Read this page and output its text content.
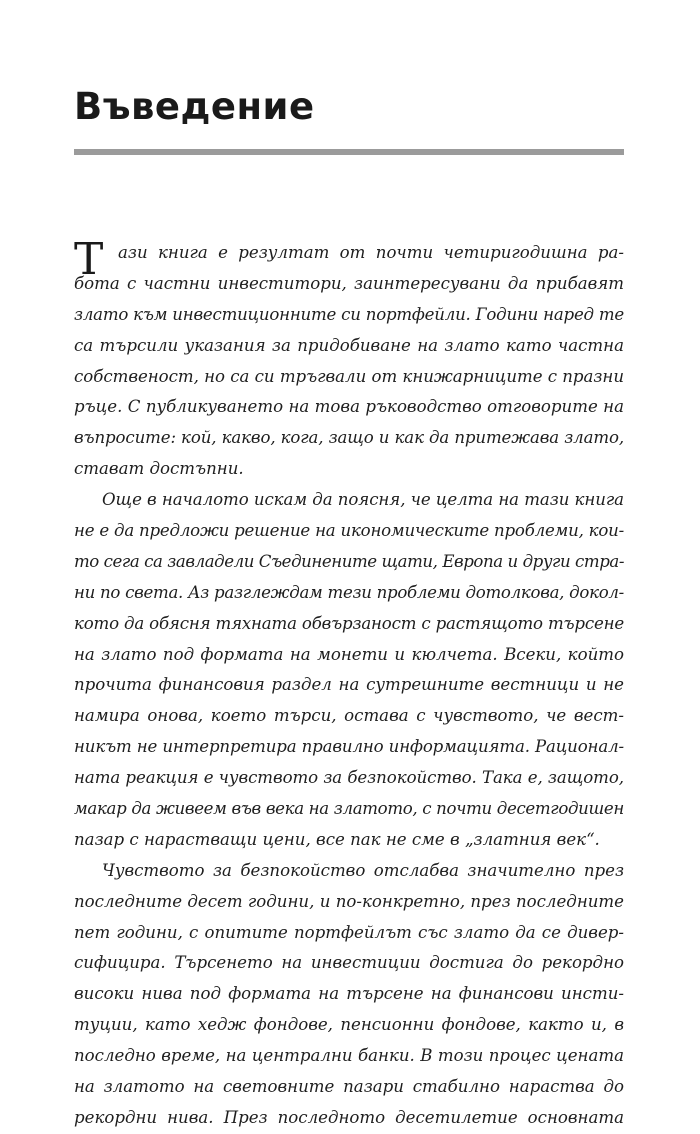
Въведение
Т ази книга е резултат от почти четиригодишна ра-
бота с частни инвеститори, заинтересувани да прибавят
злато към инвестиционните си портфейли. Години наред те
са търсили указания за придобиване на злато като частна
собственост, но са си тръгвали от книжарниците с празни
ръце. С публикуването на това ръководство отговорите на
въпросите: кой, какво, кога, защо и как да притежава злато,
стават достъпни.
Още в началото искам да поясня, че целта на тази книга
не е да предложи решение на икономическите проблеми, кои-
то сега са завладели Съединените щати, Европа и други стра-
ни по света. Аз разглеждам тези проблеми дотолкова, докол-
кото да обясня тяхната обвързаност с растящото търсене
на злато под формата на монети и кюлчета. Всеки, който
прочита финансовия раздел на сутрешните вестници и не
намира онова, което търси, остава с чувството, че вест-
никът не интерпретира правилно информацията. Рационал-
ната реакция е чувството за безпокойство. Така е, защото,
макар да живеем във века на златото, с почти десетгодишен
пазар с нарастващи цени, все пак не сме в „златния век“.
Чувството за безпокойство отслабва значително през
последните десет години, и по-конкретно, през последните
пет години, с опитите портфейлът със злато да се дивер-
сифицира. Търсенето на инвестиции достига до рекордно
високи нива под формата на търсене на финансови инсти-
туции, като хедж фондове, пенсионни фондове, както и, в
последно време, на централни банки. В този процес цената
на златото на световните пазари стабилно нараства до
рекордни нива. През последното десетилетие основната
